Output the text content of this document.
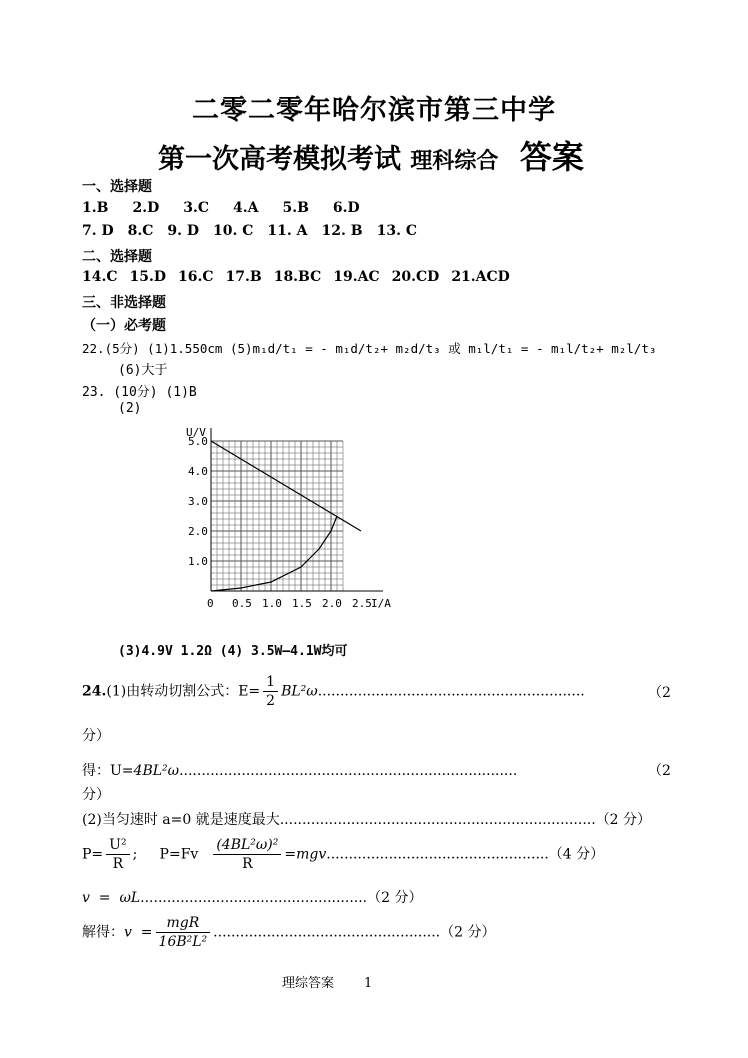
二零二零年哈尔滨市第三中学
第一次高考模拟考试 理科综合 答案
一、选择题
1.B 2.D 3.C 4.A 5.B 6.D
7. D 8.C 9. D 10. C 11. A 12. B 13. C
二、选择题
14.C 15.D 16.C 17.B 18.BC 19.AC 20.CD 21.ACD
三、非选择题
（一）必考题
22.(5分) (1)1.550cm (5)m₁d/t₁ = - m₁d/t₂+ m₂d/t₃ 或 m₁l/t₁ = - m₁l/t₂+ m₂l/t₃
(6)大于
23. (10分) (1)B
(2)
U/V
1.0
2.0
3.0
4.0
5.0
0 0.5 1.0 1.5 2.0 2.5 I/A
(3)4.9V 1.2Ω (4) 3.5W—4.1W均可
24.(1)由转动切割公式：$E= \frac{1}{2} BL^2\omega$............................................................	（2
分）
得：U=4BL²ω............................................................................	（2
分）
(2)当匀速时 a=0 就是速度最大.......................................................................（2 分）
$P= \frac{\text{U²}}{R}$ ;     $P=Fv \frac{\text{(4BL²ω)²}}{R} =mgv..................................................(4$ 分）
v  =  ωL...................................................（2 分）
解得：$v = \frac{\text{mgR}}{\text{16B²L²}} ...................................................(2$ 分）
理综答案 1
